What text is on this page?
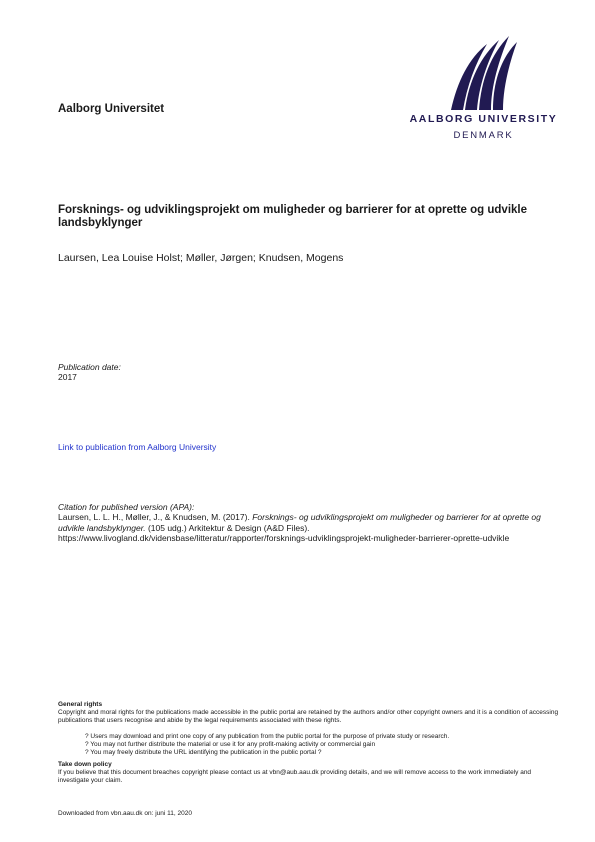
Aalborg Universitet
AALBORG UNIVERSITY
DENMARK
Forsknings- og udviklingsprojekt om muligheder og barrierer for at oprette og udvikle landsbyklynger
Laursen, Lea Louise Holst; Møller, Jørgen; Knudsen, Mogens
Publication date:
2017
Link to publication from Aalborg University
Citation for published version (APA):
Laursen, L. L. H., Møller, J., & Knudsen, M. (2017). Forsknings- og udviklingsprojekt om muligheder og barrierer for at oprette og udvikle landsbyklynger. (105 udg.) Arkitektur & Design (A&D Files).
https://www.livogland.dk/vidensbase/litteratur/rapporter/forsknings-udviklingsprojekt-muligheder-barrierer-oprette-udvikle
General rights
Copyright and moral rights for the publications made accessible in the public portal are retained by the authors and/or other copyright owners and it is a condition of accessing publications that users recognise and abide by the legal requirements associated with these rights.
? Users may download and print one copy of any publication from the public portal for the purpose of private study or research.
? You may not further distribute the material or use it for any profit-making activity or commercial gain
? You may freely distribute the URL identifying the publication in the public portal ?
Take down policy
If you believe that this document breaches copyright please contact us at vbn@aub.aau.dk providing details, and we will remove access to the work immediately and investigate your claim.
Downloaded from vbn.aau.dk on: juni 11, 2020
